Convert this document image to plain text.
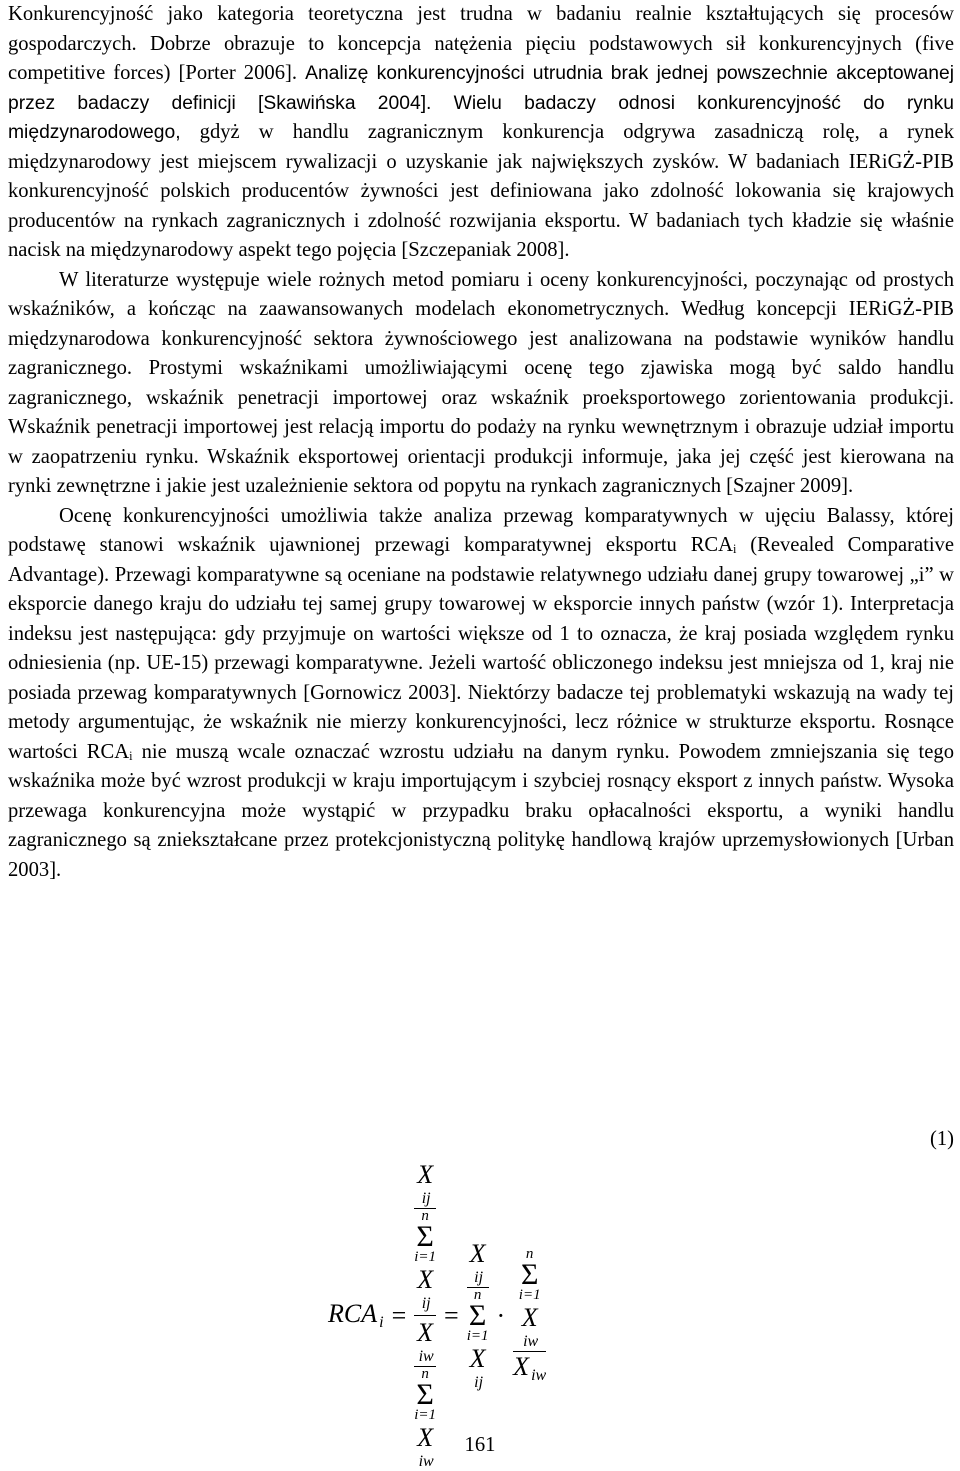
Konkurencyjność jako kategoria teoretyczna jest trudna w badaniu realnie kształtujących się procesów gospodarczych. Dobrze obrazuje to koncepcja natężenia pięciu podstawowych sił konkurencyjnych (five competitive forces) [Porter 2006]. Analizę konkurencyjności utrudnia brak jednej powszechnie akceptowanej przez badaczy definicji [Skawińska 2004]. Wielu badaczy odnosi konkurencyjność do rynku międzynarodowego, gdyż w handlu zagranicznym konkurencja odgrywa zasadniczą rolę, a rynek międzynarodowy jest miejscem rywalizacji o uzyskanie jak największych zysków. W badaniach IERiGŻ-PIB konkurencyjność polskich producentów żywności jest definiowana jako zdolność lokowania się krajowych producentów na rynkach zagranicznych i zdolność rozwijania eksportu. W badaniach tych kładzie się właśnie nacisk na międzynarodowy aspekt tego pojęcia [Szczepaniak 2008].

W literaturze występuje wiele rożnych metod pomiaru i oceny konkurencyjności, poczynając od prostych wskaźników, a kończąc na zaawansowanych modelach ekonometrycznych. Według koncepcji IERiGŻ-PIB międzynarodowa konkurencyjność sektora żywnościowego jest analizowana na podstawie wyników handlu zagranicznego. Prostymi wskaźnikami umożliwiającymi ocenę tego zjawiska mogą być saldo handlu zagranicznego, wskaźnik penetracji importowej oraz wskaźnik proeksportowego zorientowania produkcji. Wskaźnik penetracji importowej jest relacją importu do podaży na rynku wewnętrznym i obrazuje udział importu w zaopatrzeniu rynku. Wskaźnik eksportowej orientacji produkcji informuje, jaka jej część jest kierowana na rynki zewnętrzne i jakie jest uzależnienie sektora od popytu na rynkach zagranicznych [Szajner 2009].

Ocenę konkurencyjności umożliwia także analiza przewag komparatywnych w ujęciu Balassy, której podstawę stanowi wskaźnik ujawnionej przewagi komparatywnej eksportu RCAᵢ (Revealed Comparative Advantage). Przewagi komparatywne są oceniane na podstawie relatywnego udziału danej grupy towarowej „i” w eksporcie danego kraju do udziału tej samej grupy towarowej w eksporcie innych państw (wzór 1). Interpretacja indeksu jest następująca: gdy przyjmuje on wartości większe od 1 to oznacza, że kraj posiada względem rynku odniesienia (np. UE-15) przewagi komparatywne. Jeżeli wartość obliczonego indeksu jest mniejsza od 1, kraj nie posiada przewag komparatywnych [Gornowicz 2003]. Niektórzy badacze tej problematyki wskazują na wady tej metody argumentując, że wskaźnik nie mierzy konkurencyjności, lecz różnice w strukturze eksportu. Rosnące wartości RCAᵢ nie muszą wcale oznaczać wzrostu udziału na danym rynku. Powodem zmniejszania się tego wskaźnika może być wzrost produkcji w kraju importującym i szybciej rosnący eksport z innych państw. Wysoka przewaga konkurencyjna może wystąpić w przypadku braku opłacalności eksportu, a wyniki handlu zagranicznego są zniekształcane przez protekcjonistyczną politykę handlową krajów uprzemysłowionych [Urban 2003].

(1)
RCA $_i$ =
X
ij
n
Σ
i=1
X
ij
X
iw
n
Σ
i=1
X
iw
= X
ij
n
Σ
i=1
X
ij · n
Σ
i=1
X
iw
X $_{iw}$
161
